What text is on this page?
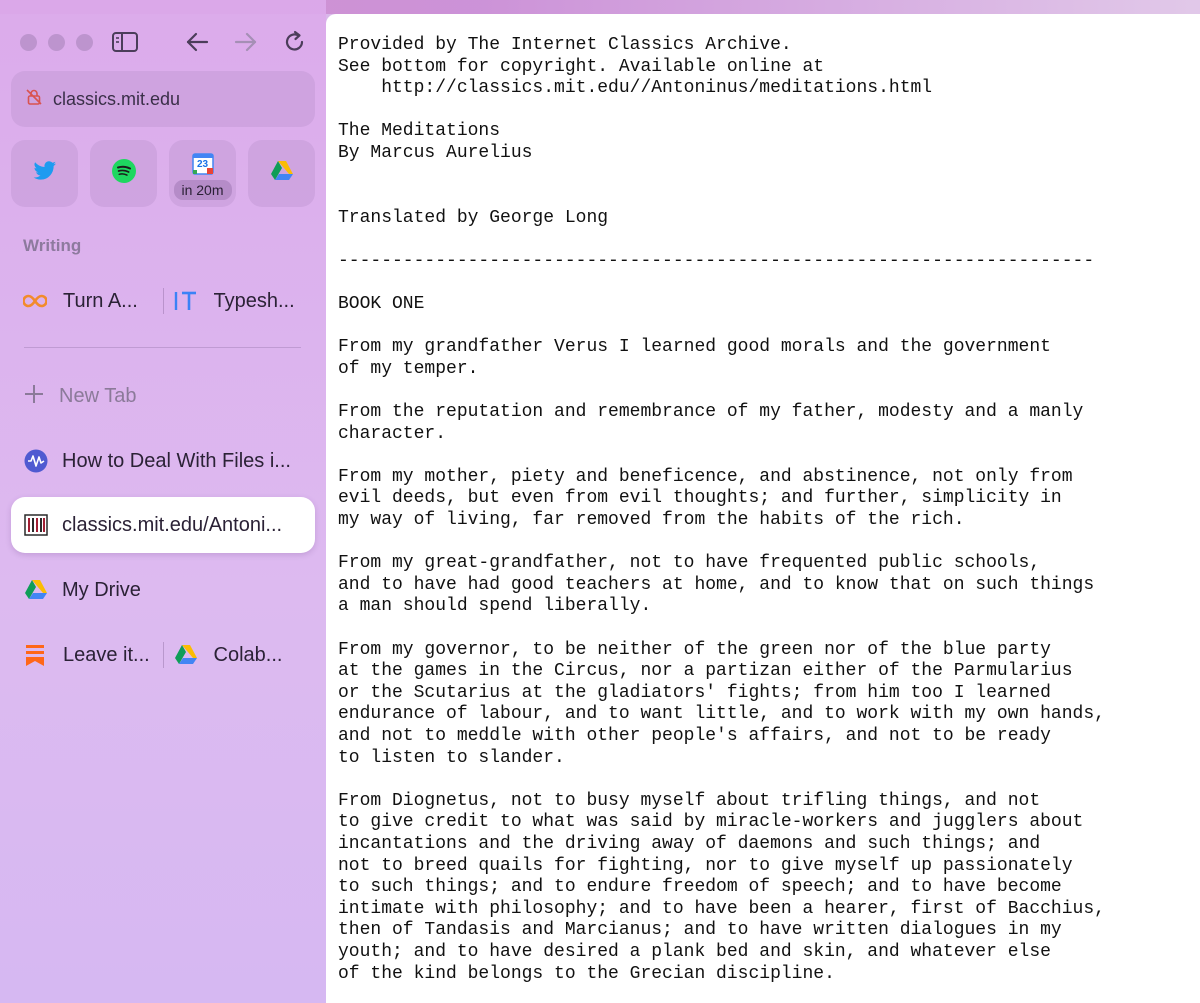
classics.mit.edu
23
in 20m
Writing
Turn A...	Typesh...
New Tab
How to Deal With Files i...
classics.mit.edu/Antoni...
My Drive
Leave it...	Colab...
Provided by The Internet Classics Archive.
See bottom for copyright. Available online at
http://classics.mit.edu//Antoninus/meditations.html

The Meditations
By Marcus Aurelius

Translated by George Long

----------------------------------------------------------------------

BOOK ONE

From my grandfather Verus I learned good morals and the government
of my temper.

From the reputation and remembrance of my father, modesty and a manly
character.

From my mother, piety and beneficence, and abstinence, not only from
evil deeds, but even from evil thoughts; and further, simplicity in
my way of living, far removed from the habits of the rich.

From my great-grandfather, not to have frequented public schools,
and to have had good teachers at home, and to know that on such things
a man should spend liberally.

From my governor, to be neither of the green nor of the blue party
at the games in the Circus, nor a partizan either of the Parmularius
or the Scutarius at the gladiators' fights; from him too I learned
endurance of labour, and to want little, and to work with my own hands,
and not to meddle with other people's affairs, and not to be ready
to listen to slander.

From Diognetus, not to busy myself about trifling things, and not
to give credit to what was said by miracle-workers and jugglers about
incantations and the driving away of daemons and such things; and
not to breed quails for fighting, nor to give myself up passionately
to such things; and to endure freedom of speech; and to have become
intimate with philosophy; and to have been a hearer, first of Bacchius,
then of Tandasis and Marcianus; and to have written dialogues in my
youth; and to have desired a plank bed and skin, and whatever else
of the kind belongs to the Grecian discipline.
